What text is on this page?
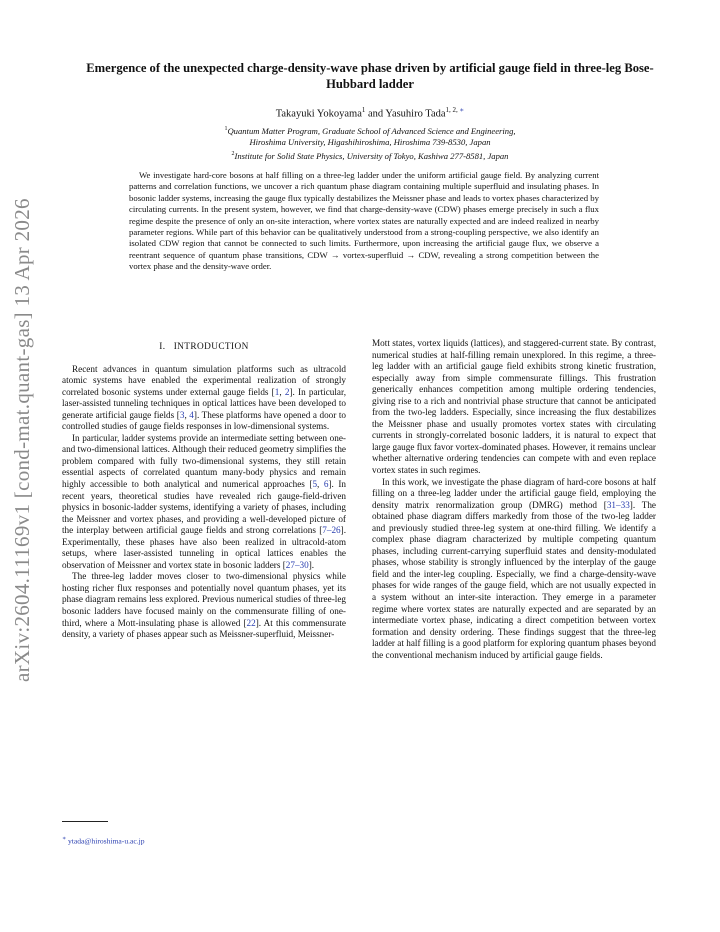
arXiv:2604.11169v1 [cond-mat.quant-gas] 13 Apr 2026
Emergence of the unexpected charge-density-wave phase driven by artificial gauge field in three-leg Bose-Hubbard ladder
Takayuki Yokoyama$^1$ and Yasuhiro Tada$^{1, 2,}$ ∗
$^1$Quantum Matter Program, Graduate School of Advanced Science and Engineering,
Hiroshima University, Higashihiroshima, Hiroshima 739-8530, Japan
$^2$Institute for Solid State Physics, University of Tokyo, Kashiwa 277-8581, Japan

We investigate hard-core bosons at half filling on a three-leg ladder under the uniform artificial gauge field. By analyzing current patterns and correlation functions, we uncover a rich quantum phase diagram containing multiple superfluid and insulating phases. In bosonic ladder systems, increasing the gauge flux typically destabilizes the Meissner phase and leads to vortex phases characterized by circulating currents. In the present system, however, we find that charge-density-wave (CDW) phases emerge precisely in such a flux regime despite the presence of only an on-site interaction, where vortex states are naturally expected and are indeed realized in nearby parameter regions. While part of this behavior can be qualitatively understood from a strong-coupling perspective, we also identify an isolated CDW region that cannot be connected to such limits. Furthermore, upon increasing the artificial gauge flux, we observe a reentrant sequence of quantum phase transitions, CDW → vortex-superfluid → CDW, revealing a strong competition between the vortex phase and the density-wave order.

I. INTRODUCTION

Recent advances in quantum simulation platforms such as ultracold atomic systems have enabled the experimental realization of strongly correlated bosonic systems under external gauge fields [1, 2]. In particular, laser-assisted tunneling techniques in optical lattices have been developed to generate artificial gauge fields [3, 4]. These platforms have opened a door to controlled studies of gauge fields responses in low-dimensional systems.

In particular, ladder systems provide an intermediate setting between one- and two-dimensional lattices. Although their reduced geometry simplifies the problem compared with fully two-dimensional systems, they still retain essential aspects of correlated quantum many-body physics and remain highly accessible to both analytical and numerical approaches [5, 6]. In recent years, theoretical studies have revealed rich gauge-field-driven physics in bosonic-ladder systems, identifying a variety of phases, including the Meissner and vortex phases, and providing a well-developed picture of the interplay between artificial gauge fields and strong correlations [7–26]. Experimentally, these phases have also been realized in ultracold-atom setups, where laser-assisted tunneling in optical lattices enables the observation of Meissner and vortex state in bosonic ladders [27–30].

The three-leg ladder moves closer to two-dimensional physics while hosting richer flux responses and potentially novel quantum phases, yet its phase diagram remains less explored. Previous numerical studies of three-leg bosonic ladders have focused mainly on the commensurate filling of one-third, where a Mott-insulating phase is allowed [22]. At this commensurate density, a variety of phases appear such as Meissner-superfluid, Meissner-

Mott states, vortex liquids (lattices), and staggered-current state. By contrast, numerical studies at half-filling remain unexplored. In this regime, a three-leg ladder with an artificial gauge field exhibits strong kinetic frustration, especially away from simple commensurate fillings. This frustration generically enhances competition among multiple ordering tendencies, giving rise to a rich and nontrivial phase structure that cannot be anticipated from the two-leg ladders. Especially, since increasing the flux destabilizes the Meissner phase and usually promotes vortex states with circulating currents in strongly-correlated bosonic ladders, it is natural to expect that large gauge flux favor vortex-dominated phases. However, it remains unclear whether alternative ordering tendencies can compete with and even replace vortex states in such regimes.

In this work, we investigate the phase diagram of hard-core bosons at half filling on a three-leg ladder under the artificial gauge field, employing the density matrix renormalization group (DMRG) method [31–33]. The obtained phase diagram differs markedly from those of the two-leg ladder and previously studied three-leg system at one-third filling. We identify a complex phase diagram characterized by multiple competing quantum phases, including current-carrying superfluid states and density-modulated phases, whose stability is strongly influenced by the interplay of the gauge field and the inter-leg coupling. Especially, we find a charge-density-wave phases for wide ranges of the gauge field, which are not usually expected in a system without an inter-site interaction. They emerge in a parameter regime where vortex states are naturally expected and are separated by an intermediate vortex phase, indicating a direct competition between vortex formation and density ordering. These findings suggest that the three-leg ladder at half filling is a good platform for exploring quantum phases beyond the conventional mechanism induced by artificial gauge fields.

∗ ytada@hiroshima-u.ac.jp
